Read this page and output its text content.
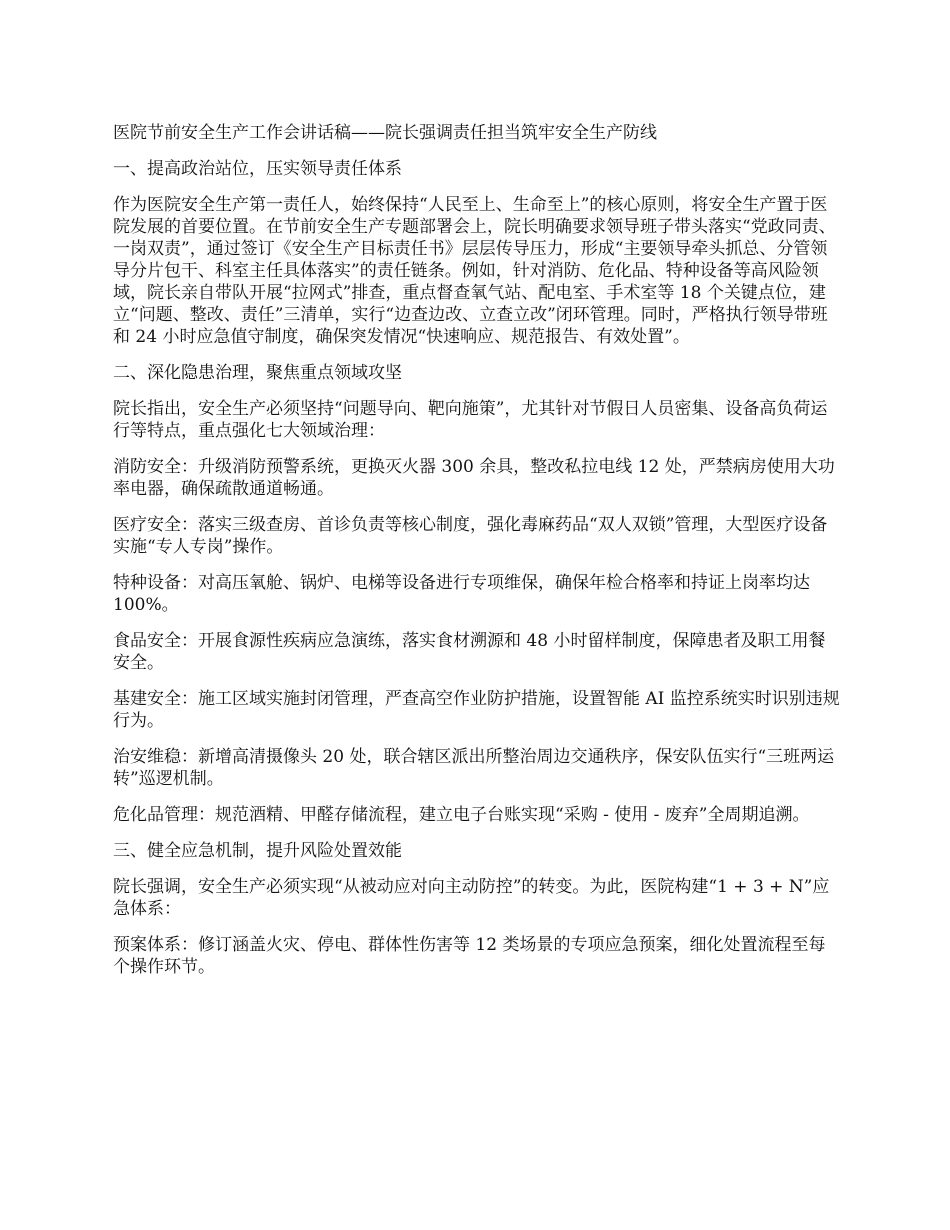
医院节前安全生产工作会讲话稿——院长强调责任担当筑牢安全生产防线

一、提高政治站位，压实领导责任体系

作为医院安全生产第一责任人，始终保持“人民至上、生命至上”的核心原则，将安全生产置于医院发展的首要位置。在节前安全生产专题部署会上，院长明确要求领导班子带头落实“党政同责、一岗双责”，通过签订《安全生产目标责任书》层层传导压力，形成“主要领导牵头抓总、分管领导分片包干、科室主任具体落实”的责任链条。例如，针对消防、危化品、特种设备等高风险领域，院长亲自带队开展“拉网式”排查，重点督查氧气站、配电室、手术室等 18 个关键点位，建立“问题、整改、责任”三清单，实行“边查边改、立查立改”闭环管理。同时，严格执行领导带班和 24 小时应急值守制度，确保突发情况“快速响应、规范报告、有效处置”。

二、深化隐患治理，聚焦重点领域攻坚

院长指出，安全生产必须坚持“问题导向、靶向施策”，尤其针对节假日人员密集、设备高负荷运行等特点，重点强化七大领域治理：

消防安全：升级消防预警系统，更换灭火器 300 余具，整改私拉电线 12 处，严禁病房使用大功率电器，确保疏散通道畅通。

医疗安全：落实三级查房、首诊负责等核心制度，强化毒麻药品“双人双锁”管理，大型医疗设备实施“专人专岗”操作。

特种设备：对高压氧舱、锅炉、电梯等设备进行专项维保，确保年检合格率和持证上岗率均达 100%。

食品安全：开展食源性疾病应急演练，落实食材溯源和 48 小时留样制度，保障患者及职工用餐安全。

基建安全：施工区域实施封闭管理，严查高空作业防护措施，设置智能 AI 监控系统实时识别违规行为。

治安维稳：新增高清摄像头 20 处，联合辖区派出所整治周边交通秩序，保安队伍实行“三班两运转”巡逻机制。

危化品管理：规范酒精、甲醛存储流程，建立电子台账实现“采购 - 使用 - 废弃”全周期追溯。

三、健全应急机制，提升风险处置效能

院长强调，安全生产必须实现“从被动应对向主动防控”的转变。为此，医院构建“1 + 3 + N”应急体系：

预案体系：修订涵盖火灾、停电、群体性伤害等 12 类场景的专项应急预案，细化处置流程至每个操作环节。
